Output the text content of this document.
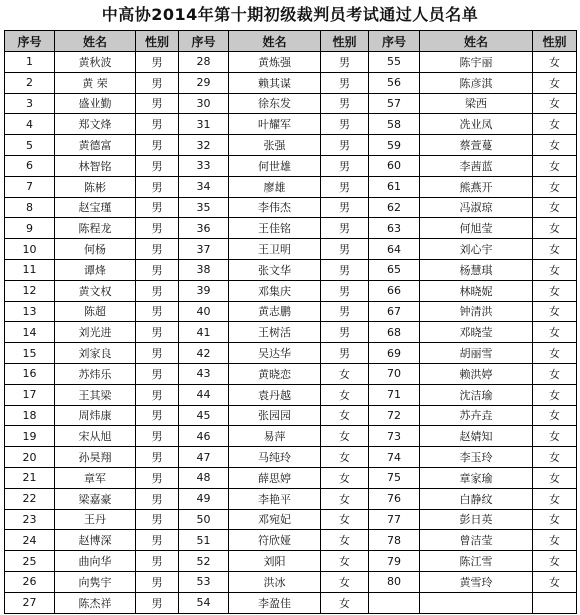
中高协2014年第十期初级裁判员考试通过人员名单
序号	姓名	性别	序号	姓名	性别	序号	姓名	性别
1	黄秋波	男	28	黄炼强	男	55	陈宇丽	女
2	黄 荣	男	29	赖其谋	男	56	陈彦淇	女
3	盛业勤	男	30	徐东发	男	57	梁西	女
4	郑文烽	男	31	叶耀军	男	58	冼业凤	女
5	黄德富	男	32	张强	男	59	蔡萱蔓	女
6	林智铭	男	33	何世雄	男	60	李茜蓝	女
7	陈彬	男	34	廖雄	男	61	熊燕开	女
8	赵宝瑾	男	35	李伟杰	男	62	冯淑琼	女
9	陈程龙	男	36	王佳铭	男	63	何旭莹	女
10	何杨	男	37	王卫明	男	64	刘心宇	女
11	谭烽	男	38	张文华	男	65	杨慧琪	女
12	黄文权	男	39	邓集庆	男	66	林晓妮	女
13	陈超	男	40	黄志鹏	男	67	钟清洪	女
14	刘光进	男	41	王树活	男	68	邓晓莹	女
15	刘家良	男	42	吴达华	男	69	胡丽雪	女
16	苏炜乐	男	43	黄晓恋	女	70	赖洪婷	女
17	王其梁	男	44	袁丹越	女	71	沈洁瑜	女
18	周炜康	男	45	张园园	女	72	苏卉垚	女
19	宋从旭	男	46	易萍	女	73	赵婧知	女
20	孙昊翔	男	47	马纯玲	女	74	李玉玲	女
21	章军	男	48	薛思婷	女	75	章家瑜	女
22	梁嘉豪	男	49	李艳平	女	76	白静纹	女
23	王丹	男	50	邓宛妃	女	77	彭日英	女
24	赵博深	男	51	符欣娅	女	78	曾洁莹	女
25	曲向华	男	52	刘阳	女	79	陈江雪	女
26	向隽宇	男	53	洪冰	女	80	黄雪玲	女
27	陈杰祥	男	54	李盈佳	女			
